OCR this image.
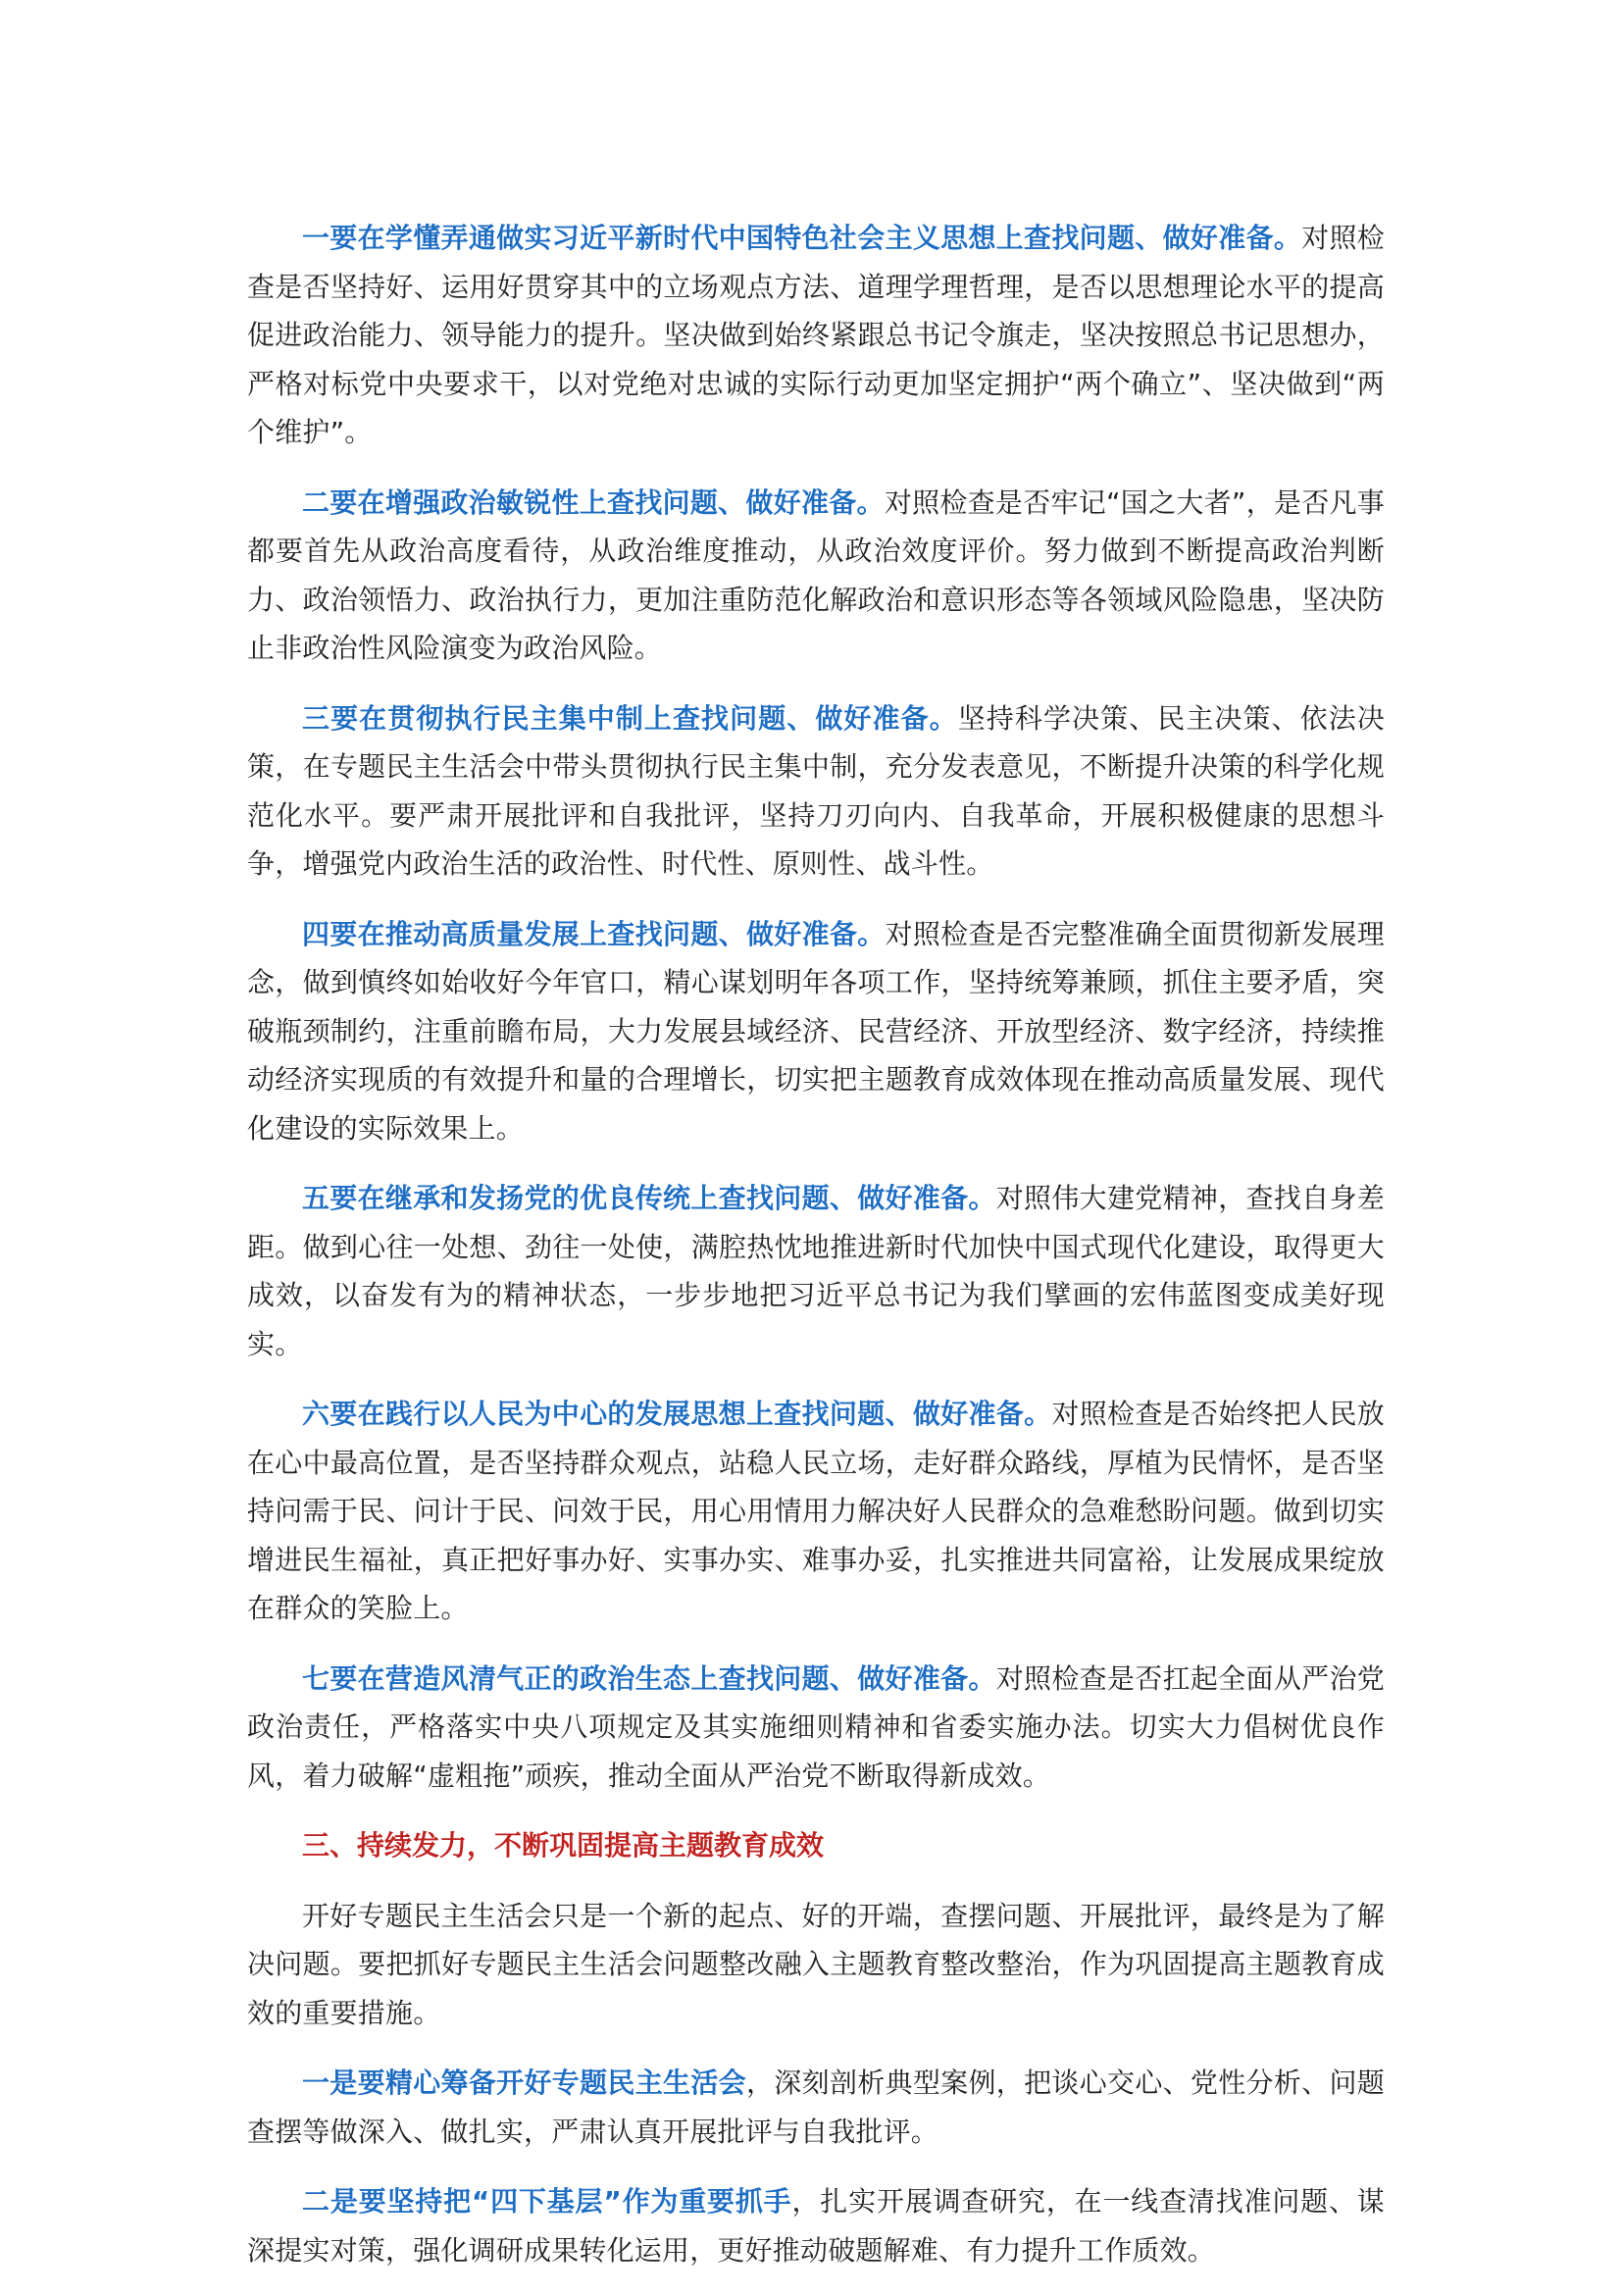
一要在学懂弄通做实习近平新时代中国特色社会主义思想上查找问题、做好准备。对照检查是否坚持好、运用好贯穿其中的立场观点方法、道理学理哲理，是否以思想理论水平的提高促进政治能力、领导能力的提升。坚决做到始终紧跟总书记令旗走，坚决按照总书记思想办，严格对标党中央要求干，以对党绝对忠诚的实际行动更加坚定拥护“两个确立”、坚决做到“两个维护”。

二要在增强政治敏锐性上查找问题、做好准备。对照检查是否牢记“国之大者”，是否凡事都要首先从政治高度看待，从政治维度推动，从政治效度评价。努力做到不断提高政治判断力、政治领悟力、政治执行力，更加注重防范化解政治和意识形态等各领域风险隐患，坚决防止非政治性风险演变为政治风险。

三要在贯彻执行民主集中制上查找问题、做好准备。坚持科学决策、民主决策、依法决策，在专题民主生活会中带头贯彻执行民主集中制，充分发表意见，不断提升决策的科学化规范化水平。要严肃开展批评和自我批评，坚持刀刃向内、自我革命，开展积极健康的思想斗争，增强党内政治生活的政治性、时代性、原则性、战斗性。

四要在推动高质量发展上查找问题、做好准备。对照检查是否完整准确全面贯彻新发展理念，做到慎终如始收好今年官口，精心谋划明年各项工作，坚持统筹兼顾，抓住主要矛盾，突破瓶颈制约，注重前瞻布局，大力发展县域经济、民营经济、开放型经济、数字经济，持续推动经济实现质的有效提升和量的合理增长，切实把主题教育成效体现在推动高质量发展、现代化建设的实际效果上。

五要在继承和发扬党的优良传统上查找问题、做好准备。对照伟大建党精神，查找自身差距。做到心往一处想、劲往一处使，满腔热忱地推进新时代加快中国式现代化建设，取得更大成效，以奋发有为的精神状态，一步步地把习近平总书记为我们擘画的宏伟蓝图变成美好现实。

六要在践行以人民为中心的发展思想上查找问题、做好准备。对照检查是否始终把人民放在心中最高位置，是否坚持群众观点，站稳人民立场，走好群众路线，厚植为民情怀，是否坚持问需于民、问计于民、问效于民，用心用情用力解决好人民群众的急难愁盼问题。做到切实增进民生福祉，真正把好事办好、实事办实、难事办妥，扎实推进共同富裕，让发展成果绽放在群众的笑脸上。

七要在营造风清气正的政治生态上查找问题、做好准备。对照检查是否扛起全面从严治党政治责任，严格落实中央八项规定及其实施细则精神和省委实施办法。切实大力倡树优良作风，着力破解“虚粗拖”顽疾，推动全面从严治党不断取得新成效。

三、持续发力，不断巩固提高主题教育成效

开好专题民主生活会只是一个新的起点、好的开端，查摆问题、开展批评，最终是为了解决问题。要把抓好专题民主生活会问题整改融入主题教育整改整治，作为巩固提高主题教育成效的重要措施。

一是要精心筹备开好专题民主生活会，深刻剖析典型案例，把谈心交心、党性分析、问题查摆等做深入、做扎实，严肃认真开展批评与自我批评。

二是要坚持把“四下基层”作为重要抓手，扎实开展调查研究，在一线查清找准问题、谋深提实对策，强化调研成果转化运用，更好推动破题解难、有力提升工作质效。
